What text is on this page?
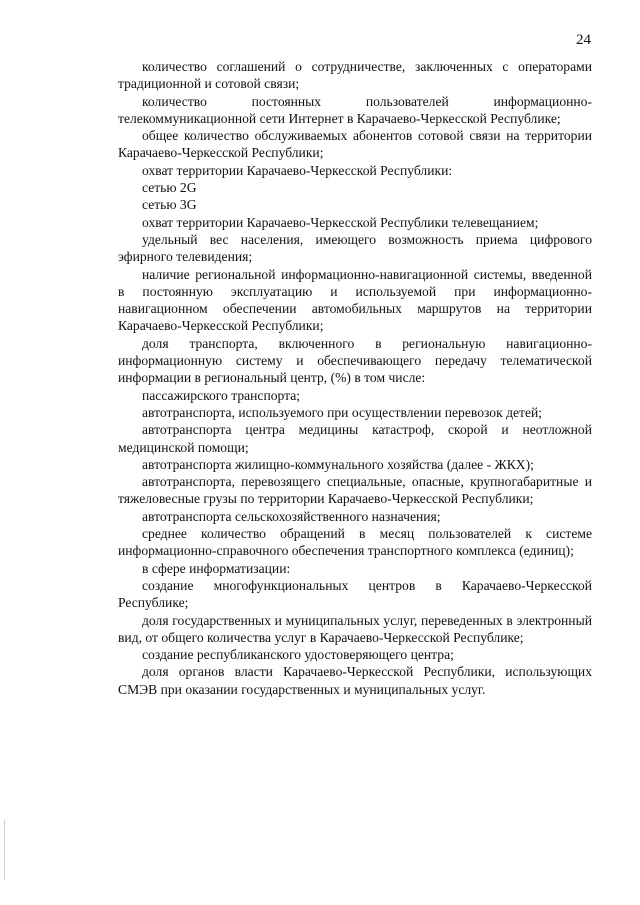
24

количество соглашений о сотрудничестве, заключенных с операторами традиционной и сотовой связи;

количество постоянных пользователей информационно-телекоммуникационной сети Интернет в Карачаево-Черкесской Республике;

общее количество обслуживаемых абонентов сотовой связи на территории Карачаево-Черкесской Республики;

охват территории Карачаево-Черкесской Республики:

сетью 2G

сетью 3G

охват территории Карачаево-Черкесской Республики телевещанием;

удельный вес населения, имеющего возможность приема цифрового эфирного телевидения;

наличие региональной информационно-навигационной системы, введенной в постоянную эксплуатацию и используемой при информационно-навигационном обеспечении автомобильных маршрутов на территории Карачаево-Черкесской Республики;

доля транспорта, включенного в региональную навигационно-информационную систему и обеспечивающего передачу телематической информации в региональный центр, (%) в том числе:

пассажирского транспорта;

автотранспорта, используемого при осуществлении перевозок детей;

автотранспорта центра медицины катастроф, скорой и неотложной медицинской помощи;

автотранспорта жилищно-коммунального хозяйства (далее - ЖКХ);

автотранспорта, перевозящего специальные, опасные, крупногабаритные и тяжеловесные грузы по территории Карачаево-Черкесской Республики;

автотранспорта сельскохозяйственного назначения;

среднее количество обращений в месяц пользователей к системе информационно-справочного обеспечения транспортного комплекса (единиц);

в сфере информатизации:

создание многофункциональных центров в Карачаево-Черкесской Республике;

доля государственных и муниципальных услуг, переведенных в электронный вид, от общего количества услуг в Карачаево-Черкесской Республике;

создание республиканского удостоверяющего центра;

доля органов власти Карачаево-Черкесской Республики, использующих СМЭВ при оказании государственных и муниципальных услуг.
